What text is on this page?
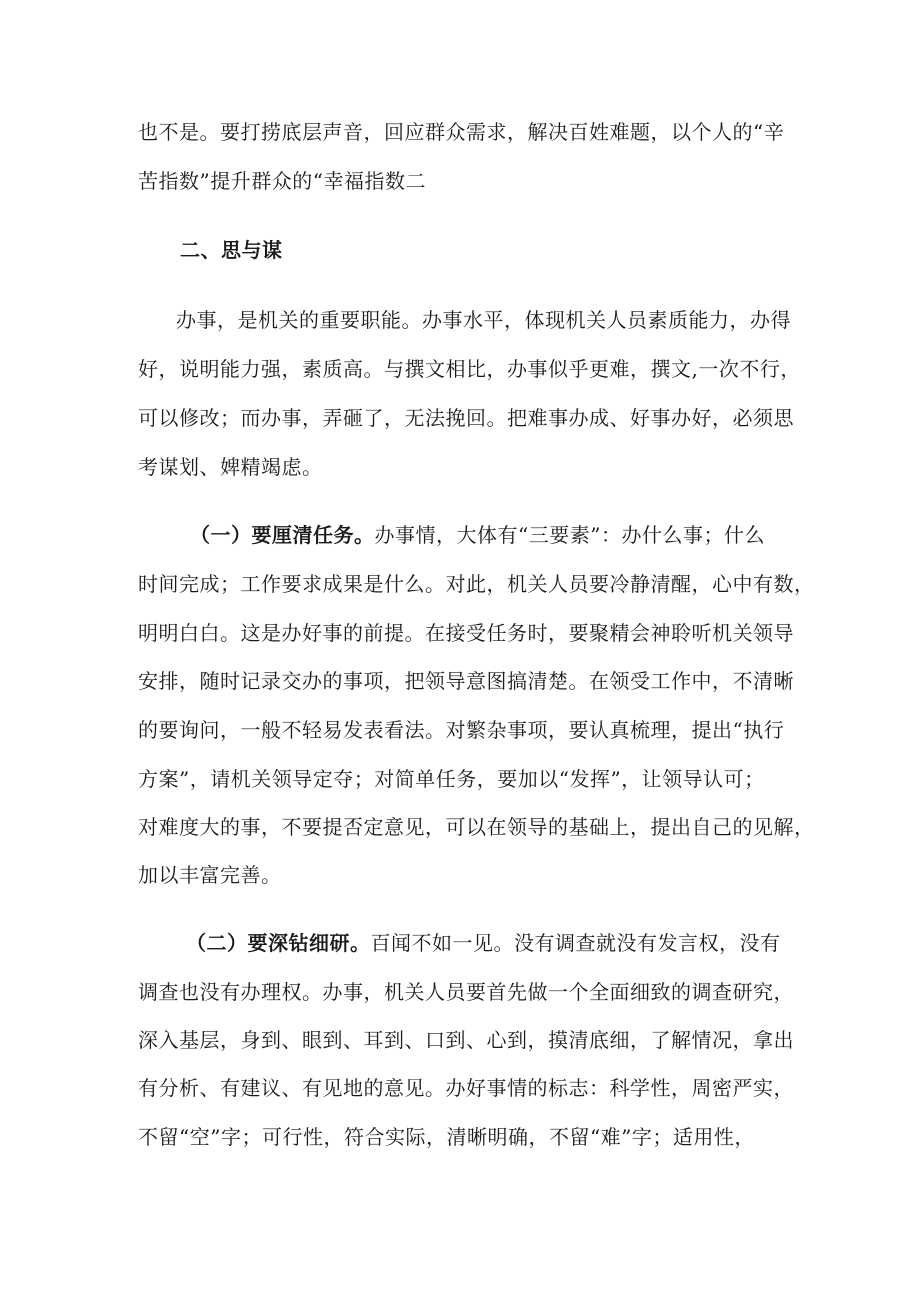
也不是。要打捞底层声音，回应群众需求，解决百姓难题，以个人的“辛
苦指数”提升群众的“幸福指数二
二、思与谋
办事，是机关的重要职能。办事水平，体现机关人员素质能力，办得
好，说明能力强，素质高。与撰文相比，办事似乎更难，撰文,一次不行，
可以修改；而办事，弄砸了，无法挽回。把难事办成、好事办好，必须思
考谋划、婢精竭虑。
（一）要厘清任务。办事情，大体有“三要素”：办什么事；什么
时间完成；工作要求成果是什么。对此，机关人员要冷静清醒，心中有数，
明明白白。这是办好事的前提。在接受任务时，要聚精会神聆听机关领导
安排，随时记录交办的事项，把领导意图搞清楚。在领受工作中，不清晰
的要询问，一般不轻易发表看法。对繁杂事项，要认真梳理，提出“执行
方案”，请机关领导定夺；对简单任务，要加以“发挥”，让领导认可；
对难度大的事，不要提否定意见，可以在领导的基础上，提出自己的见解，
加以丰富完善。
（二）要深钻细研。百闻不如一见。没有调查就没有发言权，没有
调查也没有办理权。办事，机关人员要首先做一个全面细致的调查研究，
深入基层，身到、眼到、耳到、口到、心到，摸清底细，了解情况，拿出
有分析、有建议、有见地的意见。办好事情的标志：科学性，周密严实，
不留“空”字；可行性，符合实际，清晰明确，不留“难”字；适用性，
